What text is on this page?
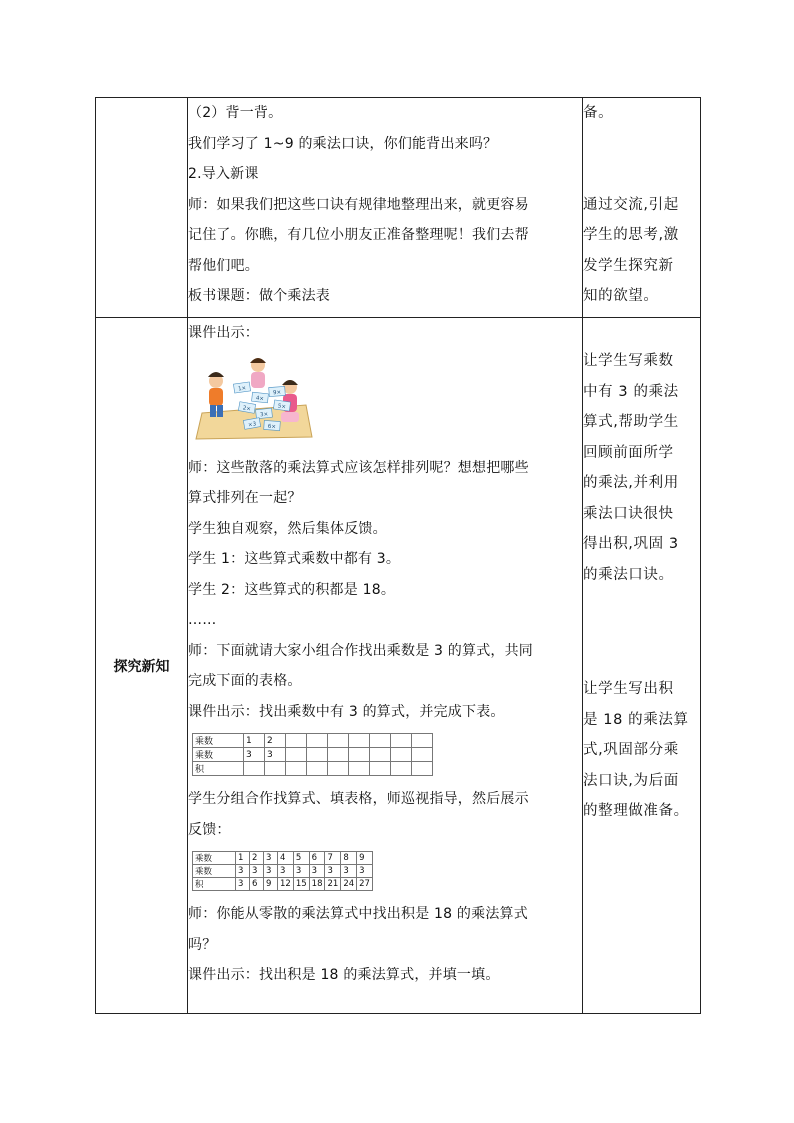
（2）背一背。

我们学习了 1~9 的乘法口诀，你们能背出来吗？

2.导入新课

师：如果我们把这些口诀有规律地整理出来，就更容易

记住了。你瞧，有几位小朋友正准备整理呢！我们去帮

帮他们吧。

板书课题：做个乘法表

备。

通过交流,引起

学生的思考,激

发学生探究新

知的欲望。

探究新知	

课件出示：

1×
4×
9×
2×
3×
5×
×3 6×

师：这些散落的乘法算式应该怎样排列呢？想想把哪些

算式排列在一起？

学生独自观察，然后集体反馈。

学生 1：这些算式乘数中都有 3。

学生 2：这些算式的积都是 18。

……

师：下面就请大家小组合作找出乘数是 3 的算式，共同

完成下面的表格。

课件出示：找出乘数中有 3 的算式，并完成下表。

乘数	1	2							
乘数	3	3							
积									

学生分组合作找算式、填表格，师巡视指导，然后展示

反馈：

乘数	1	2	3	4	5	6	7	8	9
乘数	3	3	3	3	3	3	3	3	3
积	3	6	9	12	15	18	21	24	27

师：你能从零散的乘法算式中找出积是 18 的乘法算式

吗？

课件出示：找出积是 18 的乘法算式，并填一填。

让学生写乘数

中有 3 的乘法

算式,帮助学生

回顾前面所学

的乘法,并利用

乘法口诀很快

得出积,巩固 3

的乘法口诀。

让学生写出积

是 18 的乘法算

式,巩固部分乘

法口诀,为后面

的整理做准备。
